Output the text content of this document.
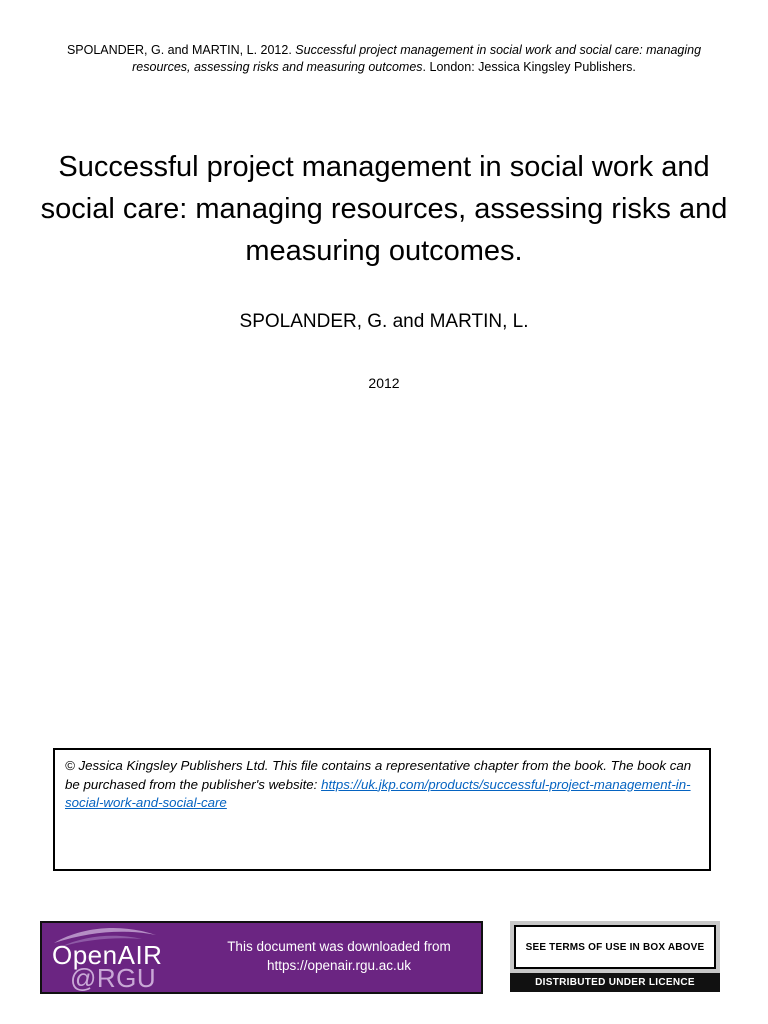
SPOLANDER, G. and MARTIN, L. 2012. Successful project management in social work and social care: managing resources, assessing risks and measuring outcomes. London: Jessica Kingsley Publishers.
Successful project management in social work and social care: managing resources, assessing risks and measuring outcomes.
SPOLANDER, G. and MARTIN, L.
2012
© Jessica Kingsley Publishers Ltd. This file contains a representative chapter from the book. The book can be purchased from the publisher's website: https://uk.jkp.com/products/successful-project-management-in-social-work-and-social-care
OpenAIR
@RGU
This document was downloaded from
https://openair.rgu.ac.uk
SEE TERMS OF USE IN BOX ABOVE
DISTRIBUTED UNDER LICENCE
